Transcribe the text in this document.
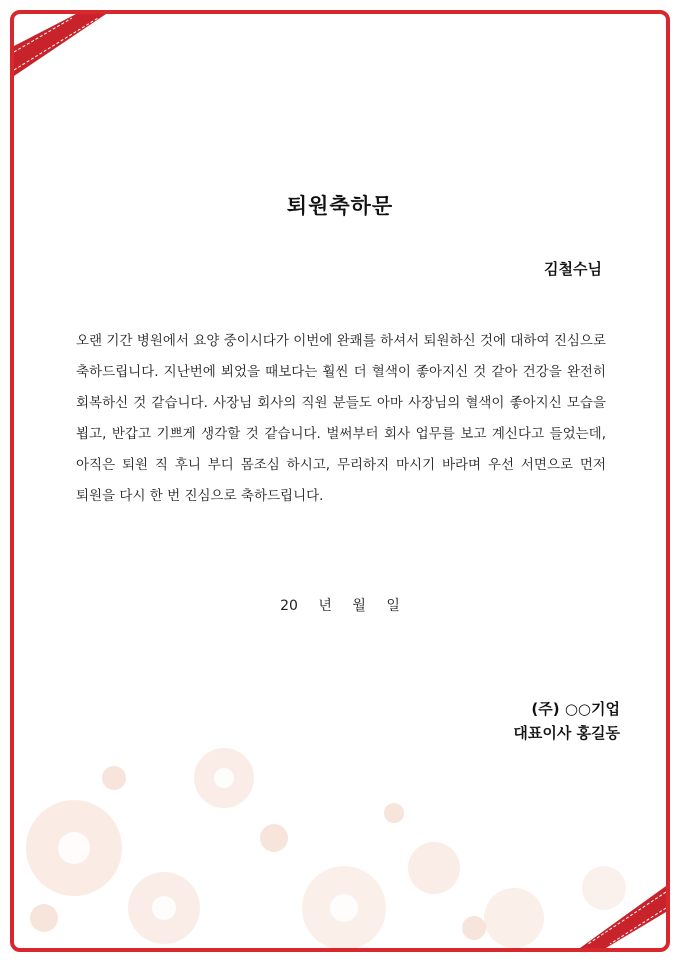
퇴원축하문
김철수님
오랜 기간 병원에서 요양 중이시다가 이번에 완쾌를 하셔서 퇴원하신 것에 대하여 진심으로 축하드립니다. 지난번에 뵈었을 때보다는 훨씬 더 혈색이 좋아지신 것 같아 건강을 완전히 회복하신 것 같습니다. 사장님 회사의 직원 분들도 아마 사장님의 혈색이 좋아지신 모습을 뵙고, 반갑고 기쁘게 생각할 것 같습니다. 벌써부터 회사 업무를 보고 계신다고 들었는데, 아직은 퇴원 직 후니 부디 몸조심 하시고, 무리하지 마시기 바라며 우선 서면으로 먼저 퇴원을 다시 한 번 진심으로 축하드립니다.
20 년 월 일
(주) ○○기업
대표이사 홍길동
